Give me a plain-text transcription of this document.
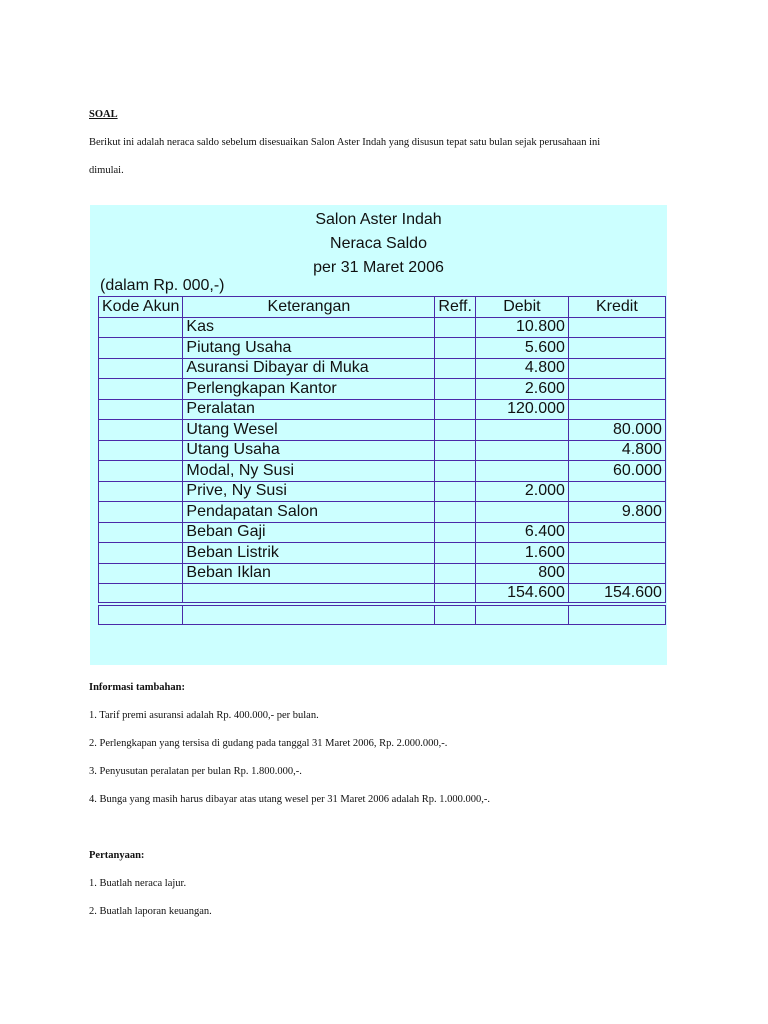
SOAL
Berikut ini adalah neraca saldo sebelum disesuaikan Salon Aster Indah yang disusun tepat satu bulan sejak perusahaan ini
dimulai.
Salon Aster Indah
Neraca Saldo
per 31 Maret 2006
(dalam Rp. 000,-)
Kode Akun	Keterangan	Reff.	Debit	Kredit
	Kas		10.800	
	Piutang Usaha		5.600	
	Asuransi Dibayar di Muka		4.800	
	Perlengkapan Kantor		2.600	
	Peralatan		120.000	
	Utang Wesel			80.000
	Utang Usaha			4.800
	Modal, Ny Susi			60.000
	Prive, Ny Susi		2.000	
	Pendapatan Salon			9.800
	Beban Gaji		6.400	
	Beban Listrik		1.600	
	Beban Iklan		800	
			154.600	154.600

Informasi tambahan:
1. Tarif premi asuransi adalah Rp. 400.000,- per bulan.
2. Perlengkapan yang tersisa di gudang pada tanggal 31 Maret 2006, Rp. 2.000.000,-.
3. Penyusutan peralatan per bulan Rp. 1.800.000,-.
4. Bunga yang masih harus dibayar atas utang wesel per 31 Maret 2006 adalah Rp. 1.000.000,-.
Pertanyaan:
1. Buatlah neraca lajur.
2. Buatlah laporan keuangan.
